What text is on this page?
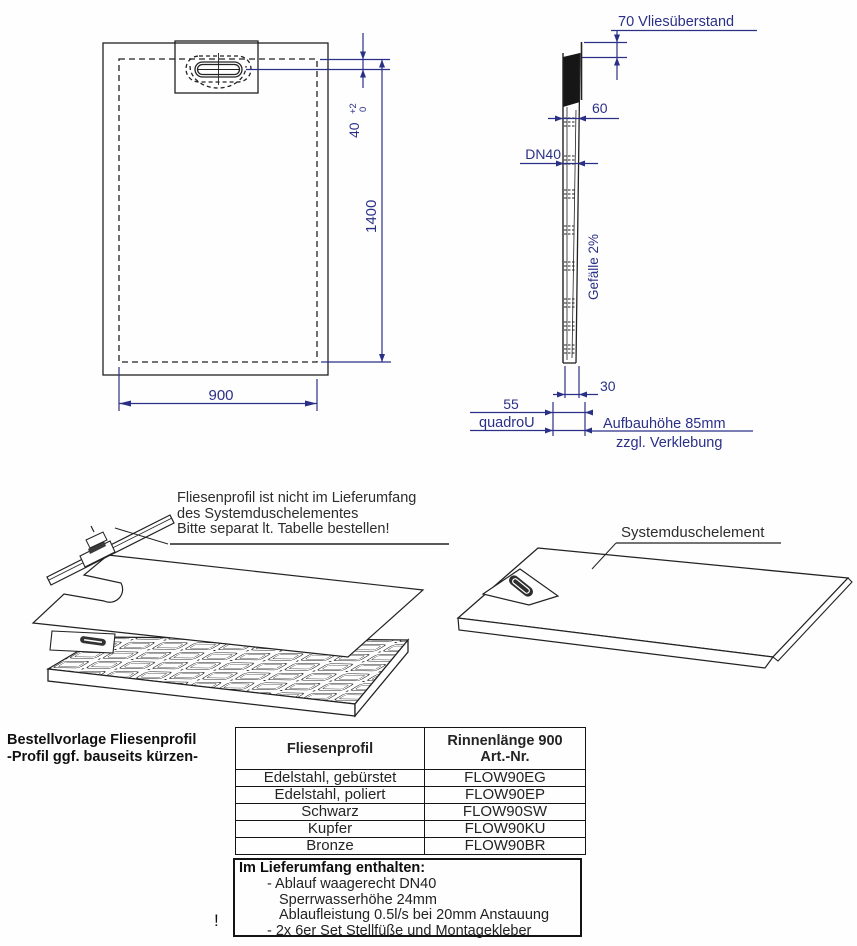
40
+2 0
1400
900
70 Vliesüberstand
60
DN40
Gefälle 2%
30
55
quadroU	Aufbauhöhe 85mm
zzgl. Verklebung
Systemduschelement
Fliesenprofil ist nicht im Lieferumfang
des Systemduschelementes
Bitte separat lt. Tabelle bestellen!
Bestellvorlage Fliesenprofil
-Profil ggf. bauseits kürzen-	Fliesenprofil	Rinnenlänge 900
Art.-Nr.

Edelstahl, gebürstet	FLOW90EG
Edelstahl, poliert	FLOW90EP
Schwarz	FLOW90SW
Kupfer	FLOW90KU
Bronze	FLOW90BR
Im Lieferumfang enthalten:
- Ablauf waagerecht DN40
Sperrwasserhöhe 24mm
Ablaufleistung 0.5l/s bei 20mm Anstauung
- 2x 6er Set Stellfüße und Montagekleber
!
